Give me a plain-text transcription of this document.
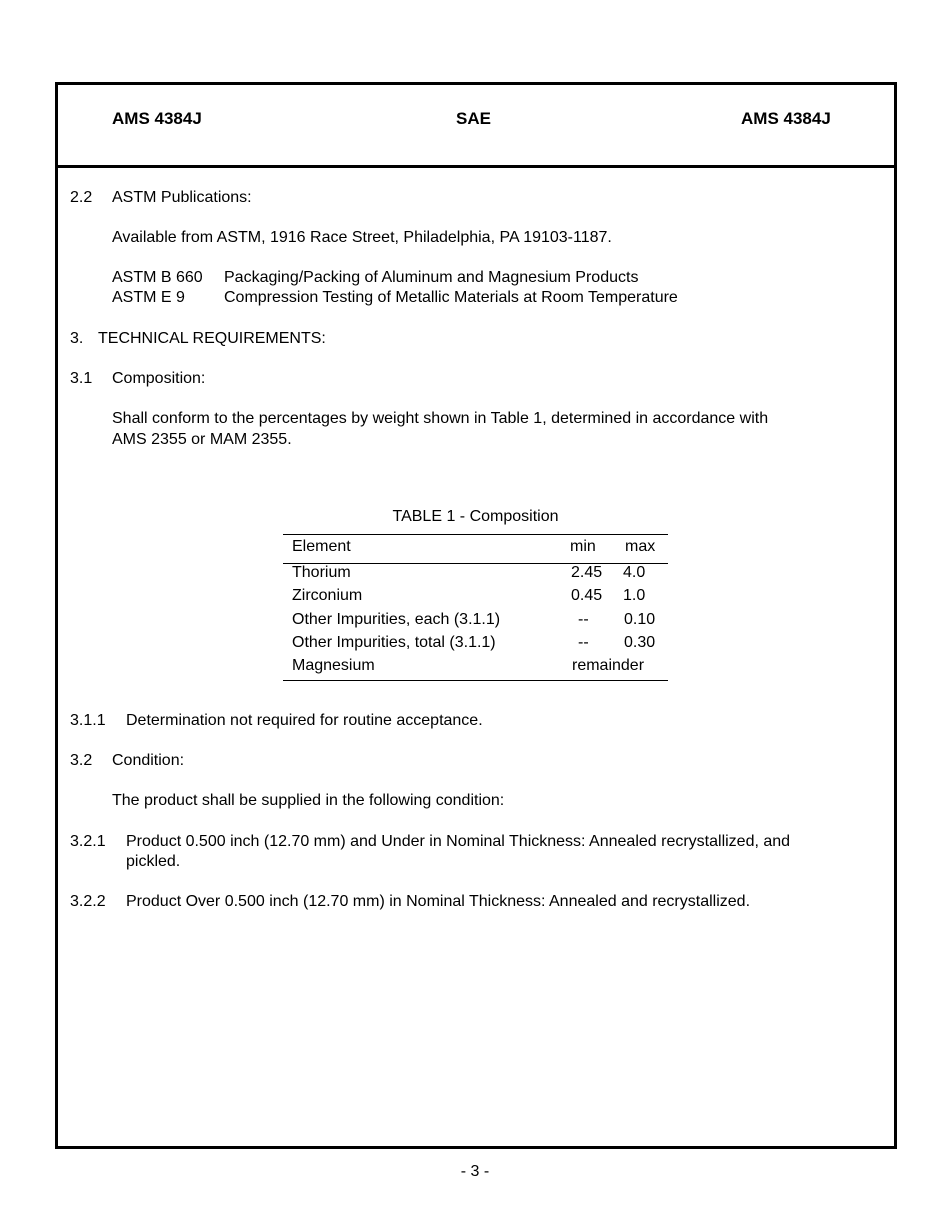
AMS 4384J	SAE	AMS 4384J
2.2 ASTM Publications:
Available from ASTM, 1916 Race Street, Philadelphia, PA 19103-1187.
ASTM B 660 Packaging/Packing of Aluminum and Magnesium Products
ASTM E 9 Compression Testing of Metallic Materials at Room Temperature
3. TECHNICAL REQUIREMENTS:
3.1 Composition:
Shall conform to the percentages by weight shown in Table 1, determined in accordance with
AMS 2355 or MAM 2355.
TABLE 1 - Composition
Element	min max
Thorium	2.45 4.0
Zirconium	0.45 1.0
Other Impurities, each (3.1.1)	-- 0.10
Other Impurities, total (3.1.1)	-- 0.30
Magnesium	remainder
3.1.1 Determination not required for routine acceptance.
3.2 Condition:
The product shall be supplied in the following condition:
3.2.1 Product 0.500 inch (12.70 mm) and Under in Nominal Thickness: Annealed recrystallized, and
pickled.
3.2.2 Product Over 0.500 inch (12.70 mm) in Nominal Thickness: Annealed and recrystallized.
- 3 -
